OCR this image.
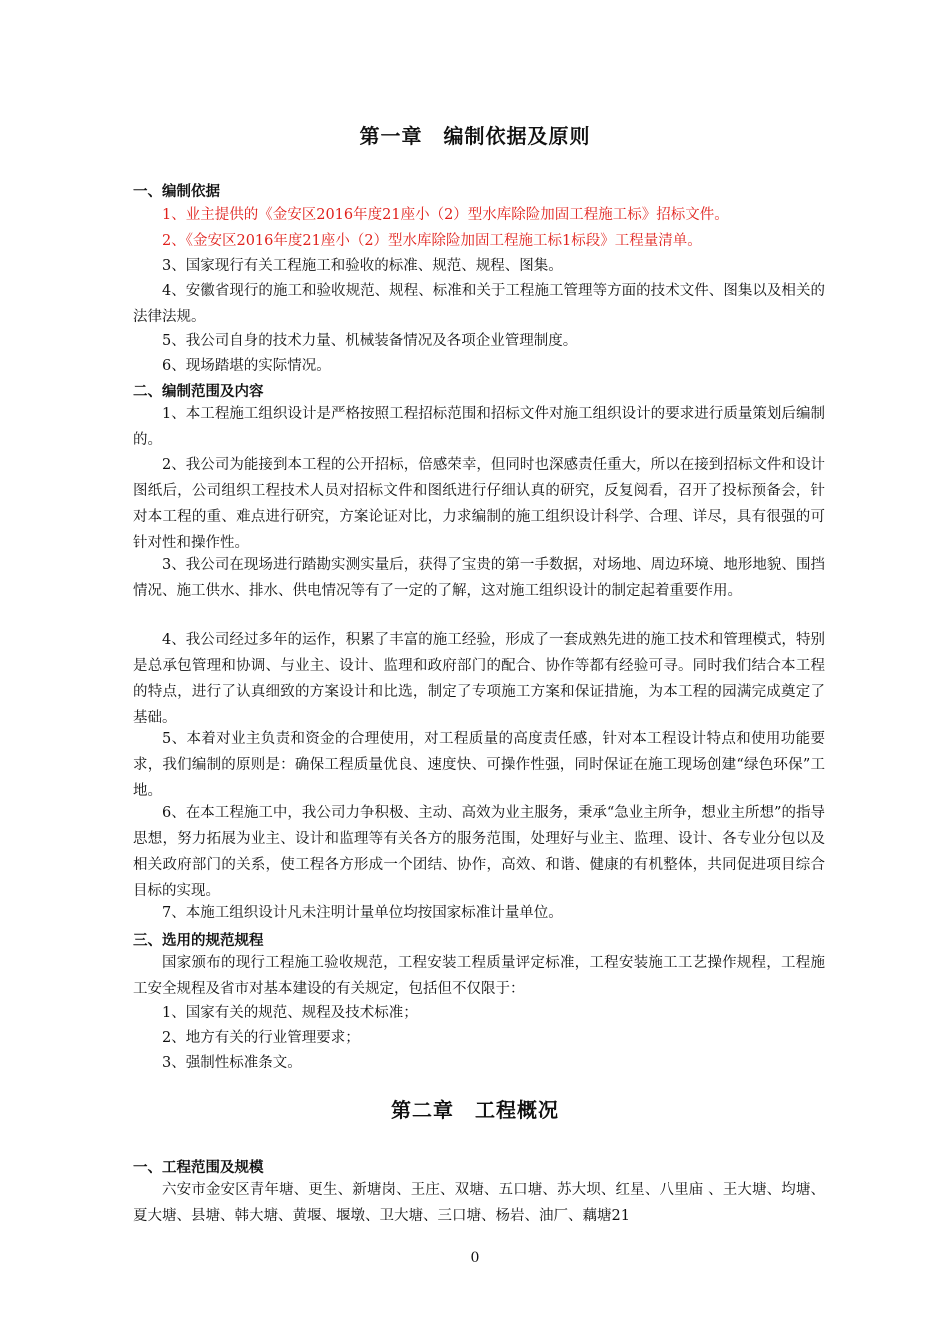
第一章　编制依据及原则
一、编制依据
1、业主提供的《金安区2016年度21座小（2）型水库除险加固工程施工标》招标文件。
2、《金安区2016年度21座小（2）型水库除险加固工程施工标1标段》工程量清单。
3、国家现行有关工程施工和验收的标准、规范、规程、图集。

4、安徽省现行的施工和验收规范、规程、标准和关于工程施工管理等方面的技术文件、图集以及相关的法律法规。

5、我公司自身的技术力量、机械装备情况及各项企业管理制度。
6、现场踏堪的实际情况。
二、编制范围及内容

1、本工程施工组织设计是严格按照工程招标范围和招标文件对施工组织设计的要求进行质量策划后编制的。

2、我公司为能接到本工程的公开招标，倍感荣幸，但同时也深感责任重大，所以在接到招标文件和设计图纸后，公司组织工程技术人员对招标文件和图纸进行仔细认真的研究，反复阅看，召开了投标预备会，针对本工程的重、难点进行研究，方案论证对比，力求编制的施工组织设计科学、合理、详尽，具有很强的可针对性和操作性。

3、我公司在现场进行踏勘实测实量后，获得了宝贵的第一手数据，对场地、周边环境、地形地貌、围挡情况、施工供水、排水、供电情况等有了一定的了解，这对施工组织设计的制定起着重要作用。

4、我公司经过多年的运作，积累了丰富的施工经验，形成了一套成熟先进的施工技术和管理模式，特别是总承包管理和协调、与业主、设计、监理和政府部门的配合、协作等都有经验可寻。同时我们结合本工程的特点，进行了认真细致的方案设计和比选，制定了专项施工方案和保证措施，为本工程的园满完成奠定了基础。

5、本着对业主负责和资金的合理使用，对工程质量的高度责任感，针对本工程设计特点和使用功能要求，我们编制的原则是：确保工程质量优良、速度快、可操作性强，同时保证在施工现场创建“绿色环保”工地。

6、在本工程施工中，我公司力争积极、主动、高效为业主服务，秉承“急业主所争，想业主所想”的指导思想，努力拓展为业主、设计和监理等有关各方的服务范围，处理好与业主、监理、设计、各专业分包以及相关政府部门的关系，使工程各方形成一个团结、协作，高效、和谐、健康的有机整体，共同促进项目综合目标的实现。

7、本施工组织设计凡未注明计量单位均按国家标准计量单位。
三、选用的规范规程

国家颁布的现行工程施工验收规范，工程安装工程质量评定标准，工程安装施工工艺操作规程，工程施工安全规程及省市对基本建设的有关规定，包括但不仅限于：

1、国家有关的规范、规程及技术标准；
2、地方有关的行业管理要求；
3、强制性标准条文。
第二章　工程概况
一、工程范围及规模

六安市金安区青年塘、更生、新塘岗、王庄、双塘、五口塘、苏大坝、红星、八里庙 、王大塘、均塘、夏大塘、县塘、韩大塘、黄堰、堰墩、卫大塘、三口塘、杨岩、油厂、藕塘21

0
